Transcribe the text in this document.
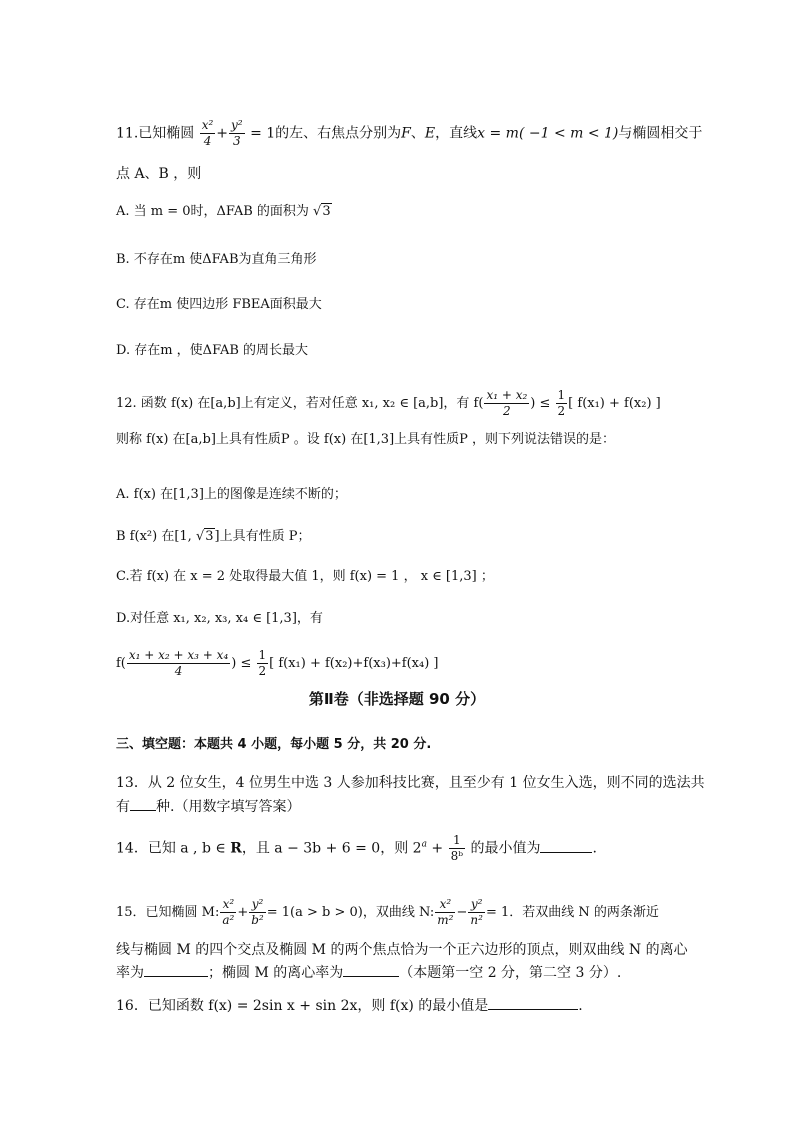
11.已知椭圆 $\frac{\text{x²}}{4} + \frac{\text{y²}}{3} = 1$的左、右焦点分别为F、E，直线x = m( −1 < m < 1)与椭圆相交于
点 A、B ，则
A. 当 m = 0时，ΔFAB 的面积为 √3
B. 不存在m 使ΔFAB为直角三角形
C. 存在m 使四边形 FBEA面积最大
D. 存在m ，使ΔFAB 的周长最大
12. 函数 f(x) 在[a,b]上有定义，若对任意 x₁, x₂ ∈ [a,b]，有 $f( \frac{\text{x₁ + x₂}}{2}$ ) ≤ $\frac{1}{2}$ [ f(x₁) + f(x₂) ]
则称 f(x) 在[a,b]上具有性质P 。设 f(x) 在[1,3]上具有性质P ，则下列说法错误的是：
A. f(x) 在[1,3]上的图像是连续不断的；
B f(x²) 在[1, √3]上具有性质 P；
C.若 f(x) 在 x = 2 处取得最大值 1，则 f(x) = 1 ， x ∈ [1,3] ；
D.对任意 x₁, x₂, x₃, x₄ ∈ [1,3]，有
$f( \frac{\text{x₁ + x₂ + x₃ + x₄}}{4}$ ) ≤ $\frac{1}{2}$ [ f(x₁) + f(x₂)+f(x₃)+f(x₄) ]
第Ⅱ卷（非选择题 90 分）
三、填空题：本题共 4 小题，每小题 5 分，共 20 分.
13．从 2 位女生，4 位男生中选 3 人参加科技比赛，且至少有 1 位女生入选，则不同的选法共
有 种.（用数字填写答案）
14．已知 a , b ∈ R，且 a − 3b + 6 = 0，则 $2^a + \frac{1}{\text{8ᵇ}}$ 的最小值为	.
15．已知椭圆 M: $\frac{\text{x²}}{\text{a²}} + \frac{\text{y²}}{\text{b²}} = 1(a > b > 0)$，双曲线 N: $\frac{\text{x²}}{\text{m²}} - \frac{\text{y²}}{\text{n²}} = 1$．若双曲线 N 的两条渐近
线与椭圆 M 的四个交点及椭圆 M 的两个焦点恰为一个正六边形的顶点，则双曲线 N 的离心
率为	；椭圆 M 的离心率为	（本题第一空 2 分，第二空 3 分）.
16．已知函数 f(x) = 2sin x + sin 2x，则 f(x) 的最小值是	.
